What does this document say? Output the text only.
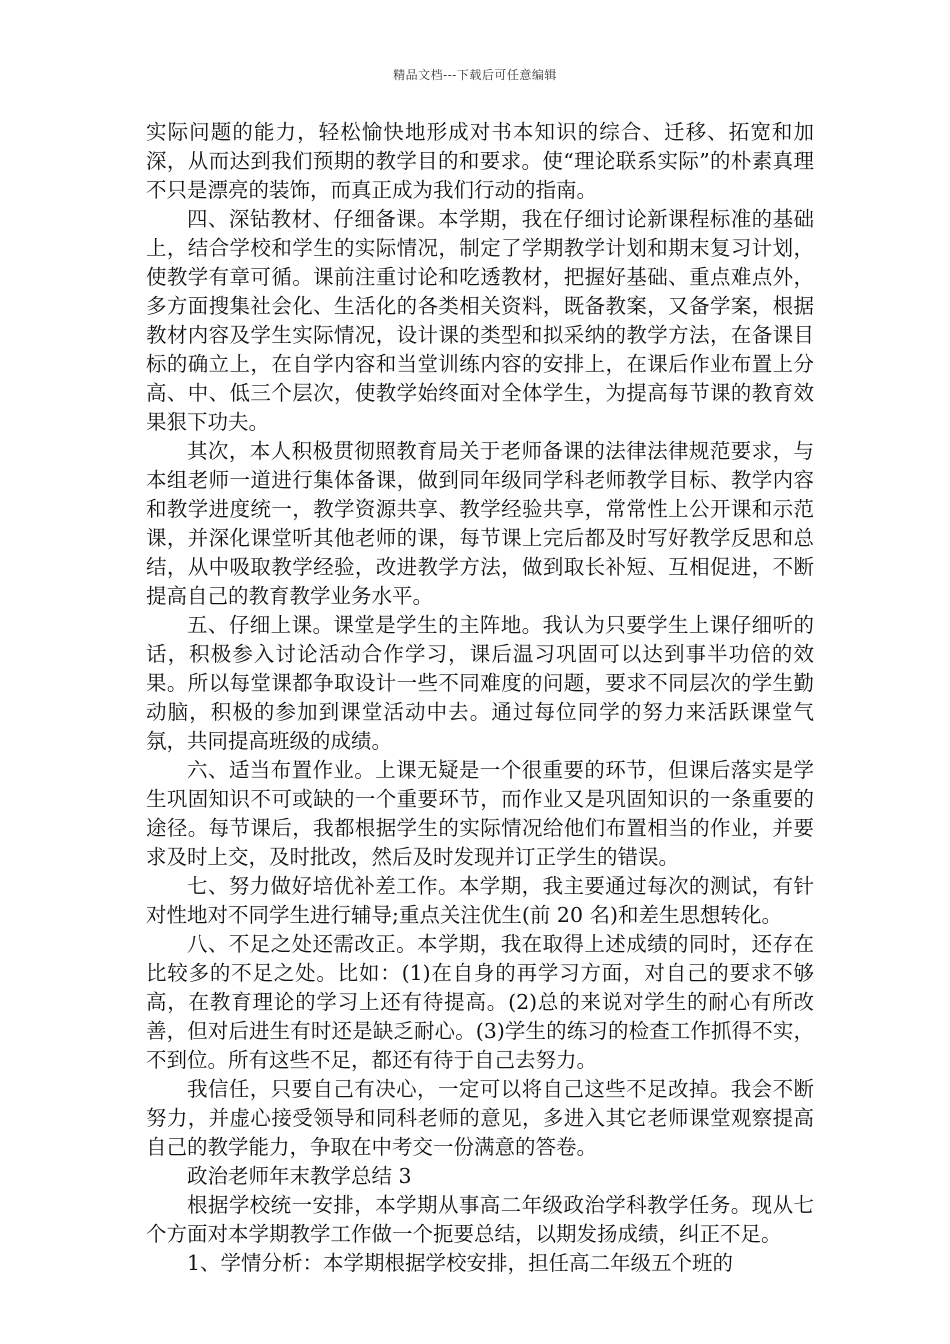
精品文档---下载后可任意编辑

实际问题的能力，轻松愉快地形成对书本知识的综合、迁移、拓宽和加深，从而达到我们预期的教学目的和要求。使“理论联系实际”的朴素真理不只是漂亮的装饰，而真正成为我们行动的指南。

四、深钻教材、仔细备课。本学期，我在仔细讨论新课程标准的基础上，结合学校和学生的实际情况，制定了学期教学计划和期末复习计划，使教学有章可循。课前注重讨论和吃透教材，把握好基础、重点难点外，多方面搜集社会化、生活化的各类相关资料，既备教案，又备学案，根据教材内容及学生实际情况，设计课的类型和拟采纳的教学方法，在备课目标的确立上，在自学内容和当堂训练内容的安排上，在课后作业布置上分高、中、低三个层次，使教学始终面对全体学生，为提高每节课的教育效果狠下功夫。

其次，本人积极贯彻照教育局关于老师备课的法律法律规范要求，与本组老师一道进行集体备课，做到同年级同学科老师教学目标、教学内容和教学进度统一，教学资源共享、教学经验共享，常常性上公开课和示范课，并深化课堂听其他老师的课，每节课上完后都及时写好教学反思和总结，从中吸取教学经验，改进教学方法，做到取长补短、互相促进，不断提高自己的教育教学业务水平。

五、仔细上课。课堂是学生的主阵地。我认为只要学生上课仔细听的话，积极参入讨论活动合作学习，课后温习巩固可以达到事半功倍的效果。所以每堂课都争取设计一些不同难度的问题，要求不同层次的学生勤动脑，积极的参加到课堂活动中去。通过每位同学的努力来活跃课堂气氛，共同提高班级的成绩。

六、适当布置作业。上课无疑是一个很重要的环节，但课后落实是学生巩固知识不可或缺的一个重要环节，而作业又是巩固知识的一条重要的途径。每节课后，我都根据学生的实际情况给他们布置相当的作业，并要求及时上交，及时批改，然后及时发现并订正学生的错误。

七、努力做好培优补差工作。本学期，我主要通过每次的测试，有针对性地对不同学生进行辅导;重点关注优生(前 20 名)和差生思想转化。

八、不足之处还需改正。本学期，我在取得上述成绩的同时，还存在比较多的不足之处。比如：(1)在自身的再学习方面，对自己的要求不够高，在教育理论的学习上还有待提高。(2)总的来说对学生的耐心有所改善，但对后进生有时还是缺乏耐心。(3)学生的练习的检查工作抓得不实，不到位。所有这些不足，都还有待于自己去努力。

我信任，只要自己有决心，一定可以将自己这些不足改掉。我会不断努力，并虚心接受领导和同科老师的意见，多进入其它老师课堂观察提高自己的教学能力，争取在中考交一份满意的答卷。

政治老师年末教学总结 3

根据学校统一安排，本学期从事高二年级政治学科教学任务。现从七个方面对本学期教学工作做一个扼要总结，以期发扬成绩，纠正不足。

1、学情分析：本学期根据学校安排，担任高二年级五个班的
